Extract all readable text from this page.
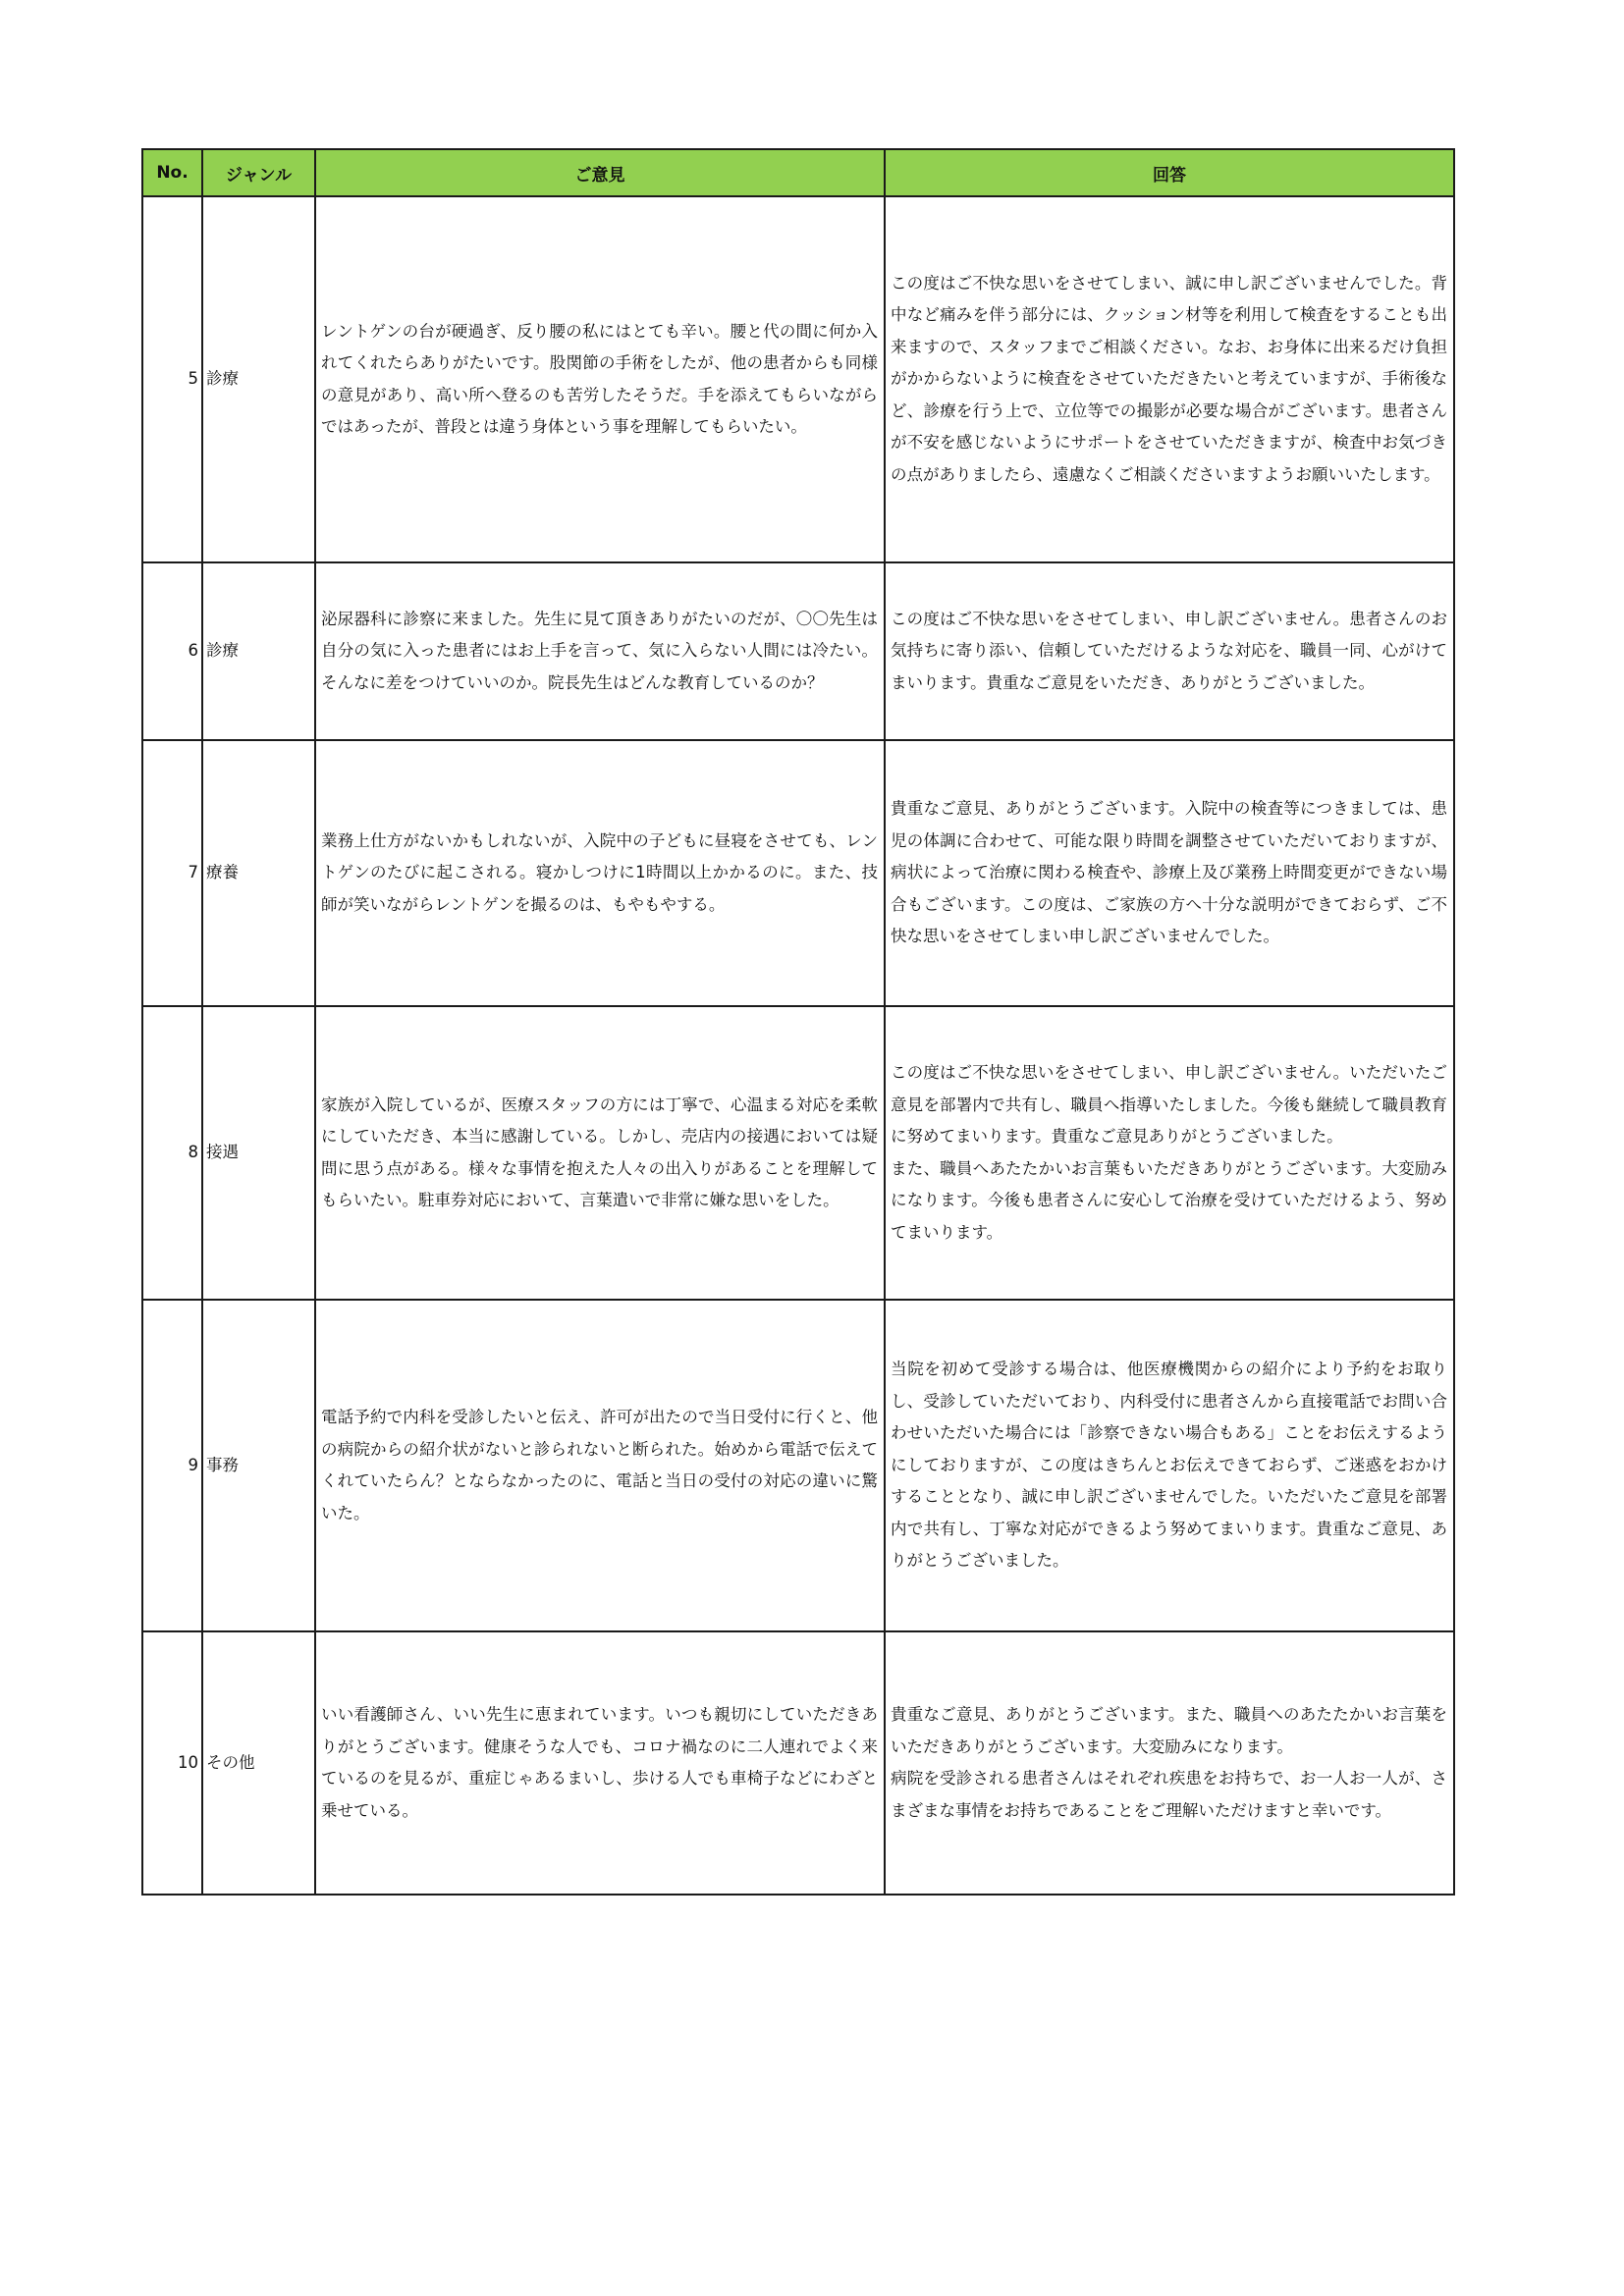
No.	ジャンル	ご意見	回答
5	診療	レントゲンの台が硬過ぎ、反り腰の私にはとても辛い。腰と代の間に何か入れてくれたらありがたいです。股関節の手術をしたが、他の患者からも同様の意見があり、高い所へ登るのも苦労したそうだ。手を添えてもらいながらではあったが、普段とは違う身体という事を理解してもらいたい。	この度はご不快な思いをさせてしまい、誠に申し訳ございませんでした。背中など痛みを伴う部分には、クッション材等を利用して検査をすることも出来ますので、スタッフまでご相談ください。なお、お身体に出来るだけ負担がかからないように検査をさせていただきたいと考えていますが、手術後など、診療を行う上で、立位等での撮影が必要な場合がございます。患者さんが不安を感じないようにサポートをさせていただきますが、検査中お気づきの点がありましたら、遠慮なくご相談くださいますようお願いいたします。
6	診療	泌尿器科に診察に来ました。先生に見て頂きありがたいのだが、〇〇先生は自分の気に入った患者にはお上手を言って、気に入らない人間には冷たい。そんなに差をつけていいのか。院長先生はどんな教育しているのか？	この度はご不快な思いをさせてしまい、申し訳ございません。患者さんのお気持ちに寄り添い、信頼していただけるような対応を、職員一同、心がけてまいります。貴重なご意見をいただき、ありがとうございました。
7	療養	業務上仕方がないかもしれないが、入院中の子どもに昼寝をさせても、レントゲンのたびに起こされる。寝かしつけに1時間以上かかるのに。また、技師が笑いながらレントゲンを撮るのは、もやもやする。	貴重なご意見、ありがとうございます。入院中の検査等につきましては、患児の体調に合わせて、可能な限り時間を調整させていただいておりますが、病状によって治療に関わる検査や、診療上及び業務上時間変更ができない場合もございます。この度は、ご家族の方へ十分な説明ができておらず、ご不快な思いをさせてしまい申し訳ございませんでした。
8	接遇	家族が入院しているが、医療スタッフの方には丁寧で、心温まる対応を柔軟にしていただき、本当に感謝している。しかし、売店内の接遇においては疑問に思う点がある。様々な事情を抱えた人々の出入りがあることを理解してもらいたい。駐車券対応において、言葉遣いで非常に嫌な思いをした。	この度はご不快な思いをさせてしまい、申し訳ございません。いただいたご意見を部署内で共有し、職員へ指導いたしました。今後も継続して職員教育に努めてまいります。貴重なご意見ありがとうございました。
また、職員へあたたかいお言葉もいただきありがとうございます。大変励みになります。今後も患者さんに安心して治療を受けていただけるよう、努めてまいります。

9	事務	電話予約で内科を受診したいと伝え、許可が出たので当日受付に行くと、他の病院からの紹介状がないと診られないと断られた。始めから電話で伝えてくれていたらん？とならなかったのに、電話と当日の受付の対応の違いに驚いた。	当院を初めて受診する場合は、他医療機関からの紹介により予約をお取りし、受診していただいており、内科受付に患者さんから直接電話でお問い合わせいただいた場合には「診察できない場合もある」ことをお伝えするようにしておりますが、この度はきちんとお伝えできておらず、ご迷惑をおかけすることとなり、誠に申し訳ございませんでした。いただいたご意見を部署内で共有し、丁寧な対応ができるよう努めてまいります。貴重なご意見、ありがとうございました。
10	その他	いい看護師さん、いい先生に恵まれています。いつも親切にしていただきありがとうございます。健康そうな人でも、コロナ禍なのに二人連れでよく来ているのを見るが、重症じゃあるまいし、歩ける人でも車椅子などにわざと乗せている。	貴重なご意見、ありがとうございます。また、職員へのあたたかいお言葉をいただきありがとうございます。大変励みになります。
病院を受診される患者さんはそれぞれ疾患をお持ちで、お一人お一人が、さまざまな事情をお持ちであることをご理解いただけますと幸いです。
